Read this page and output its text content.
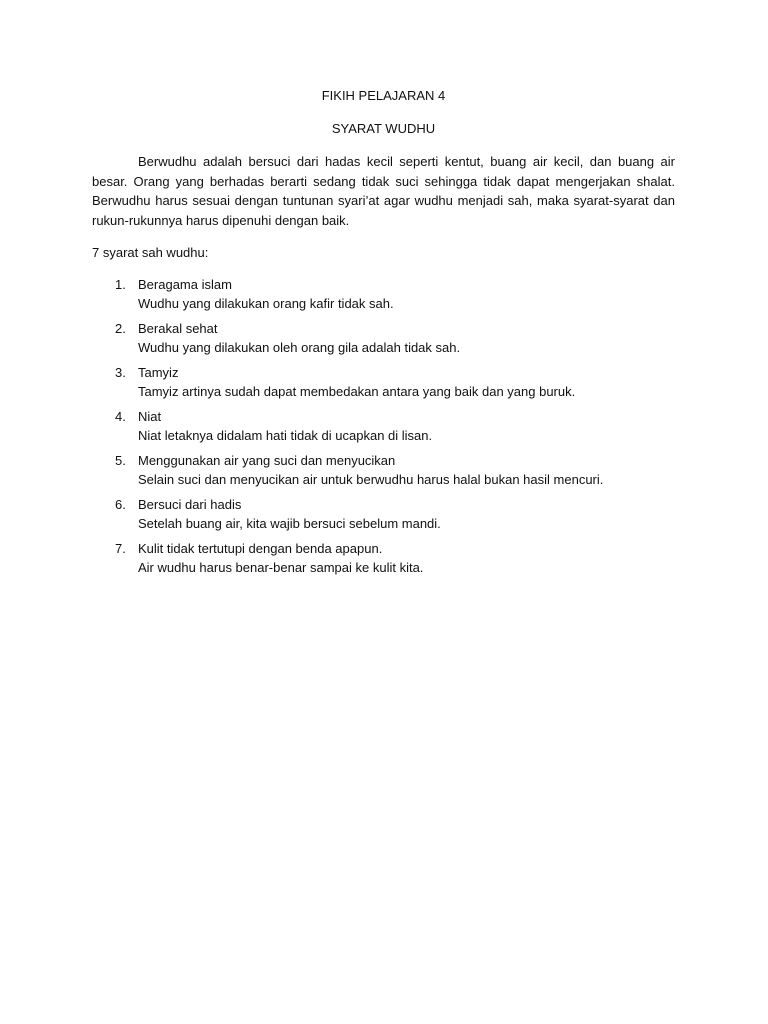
FIKIH PELAJARAN 4

SYARAT WUDHU

Berwudhu adalah bersuci dari hadas kecil seperti kentut, buang air kecil, dan buang air besar. Orang yang berhadas berarti sedang tidak suci sehingga tidak dapat mengerjakan shalat. Berwudhu harus sesuai dengan tuntunan syari’at agar wudhu menjadi sah, maka syarat-syarat dan rukun-rukunnya harus dipenuhi dengan baik.

7 syarat sah wudhu:

1. Beragama islam
Wudhu yang dilakukan orang kafir tidak sah.
2. Berakal sehat
Wudhu yang dilakukan oleh orang gila adalah tidak sah.
3. Tamyiz
Tamyiz artinya sudah dapat membedakan antara yang baik dan yang buruk.
4. Niat
Niat letaknya didalam hati tidak di ucapkan di lisan.
5. Menggunakan air yang suci dan menyucikan
Selain suci dan menyucikan air untuk berwudhu harus halal bukan hasil mencuri.
6. Bersuci dari hadis
Setelah buang air, kita wajib bersuci sebelum mandi.
7. Kulit tidak tertutupi dengan benda apapun.
Air wudhu harus benar-benar sampai ke kulit kita.
